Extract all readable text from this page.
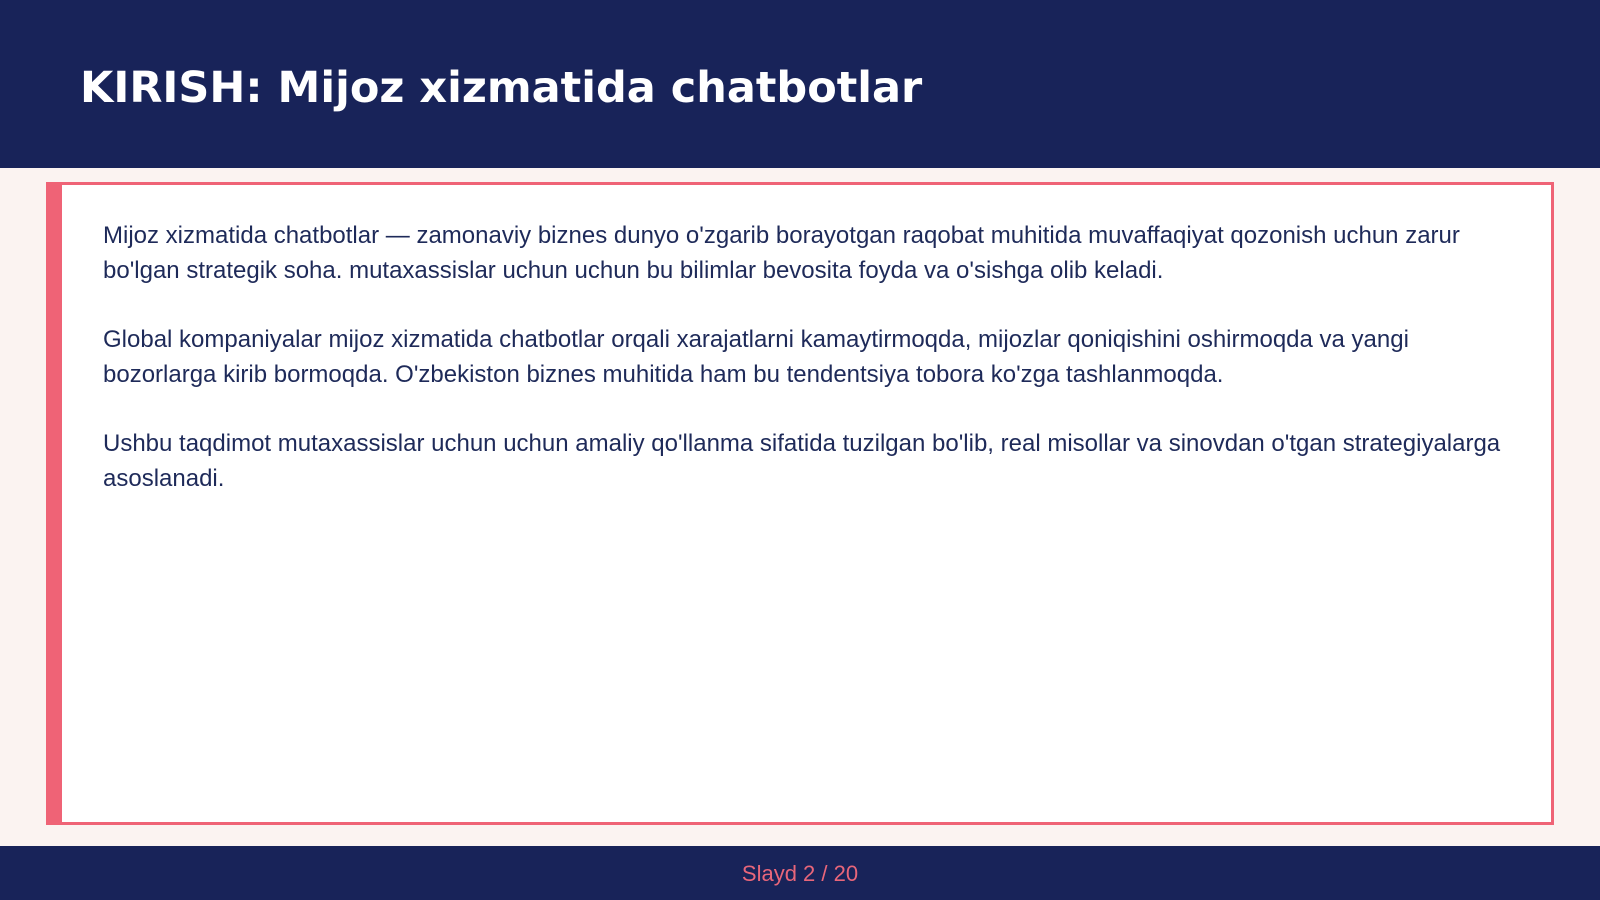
KIRISH: Mijoz xizmatida chatbotlar

Mijoz xizmatida chatbotlar — zamonaviy biznes dunyo o'zgarib borayotgan raqobat muhitida muvaffaqiyat qozonish uchun zarur bo'lgan strategik soha. mutaxassislar uchun uchun bu bilimlar bevosita foyda va o'sishga olib keladi.

Global kompaniyalar mijoz xizmatida chatbotlar orqali xarajatlarni kamaytirmoqda, mijozlar qoniqishini oshirmoqda va yangi bozorlarga kirib bormoqda. O'zbekiston biznes muhitida ham bu tendentsiya tobora ko'zga tashlanmoqda.

Ushbu taqdimot mutaxassislar uchun uchun amaliy qo'llanma sifatida tuzilgan bo'lib, real misollar va sinovdan o'tgan strategiyalarga asoslanadi.

Slayd 2 / 20
